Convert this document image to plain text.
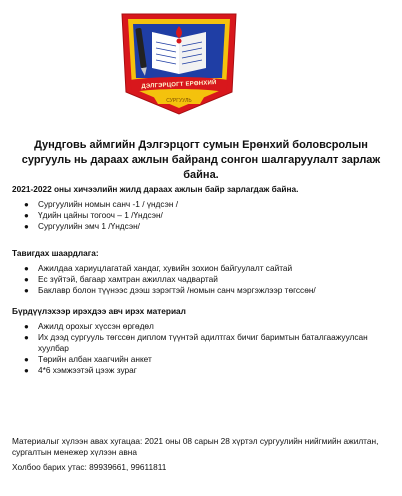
ДЭЛГЭРЦОГТ ЕРӨНХИЙ
СУРГУУЛЬ
Дундговь аймгийн Дэлгэрцогт сумын Ерөнхий боловсролын сургууль нь дараах ажлын байранд сонгон шалгаруулалт зарлаж байна.

2021-2022 оны хичээлийн жилд дараах ажлын байр зарлагдаж байна.

● Сургуулийн номын санч -1 / үндсэн /
● Үдийн цайны тогооч – 1 /Үндсэн/
● Сургуулийн эмч 1 /Үндсэн/

Тавигдах шаардлага:

● Ажилдаа хариуцлагатай хандаг, хувийн зохион байгуулалт сайтай
● Ес зүйтэй, багаар хамтран ажиллах чадвартай
● Баклавр болон түүнээс дээш зэрэгтэй /номын санч мэргэжлээр төгссөн/

Бүрдүүлэхээр ирэхдээ авч ирэх материал

● Ажилд орохыг хүссэн өргөдөл
● Их дээд сургууль төгссөн диплом түүнтэй адилтгах бичиг баримтын баталгаажуулсан хуулбар
● Төрийн албан хаагчийн анкет
● 4*6 хэмжээтэй цээж зураг

Материалыг хүлээн авах хугацаа: 2021 оны 08 сарын 28 хүртэл сургуулийн нийгмийн ажилтан, сургалтын менежер хүлээн авна

Холбоо барих утас: 89939661, 99611811
